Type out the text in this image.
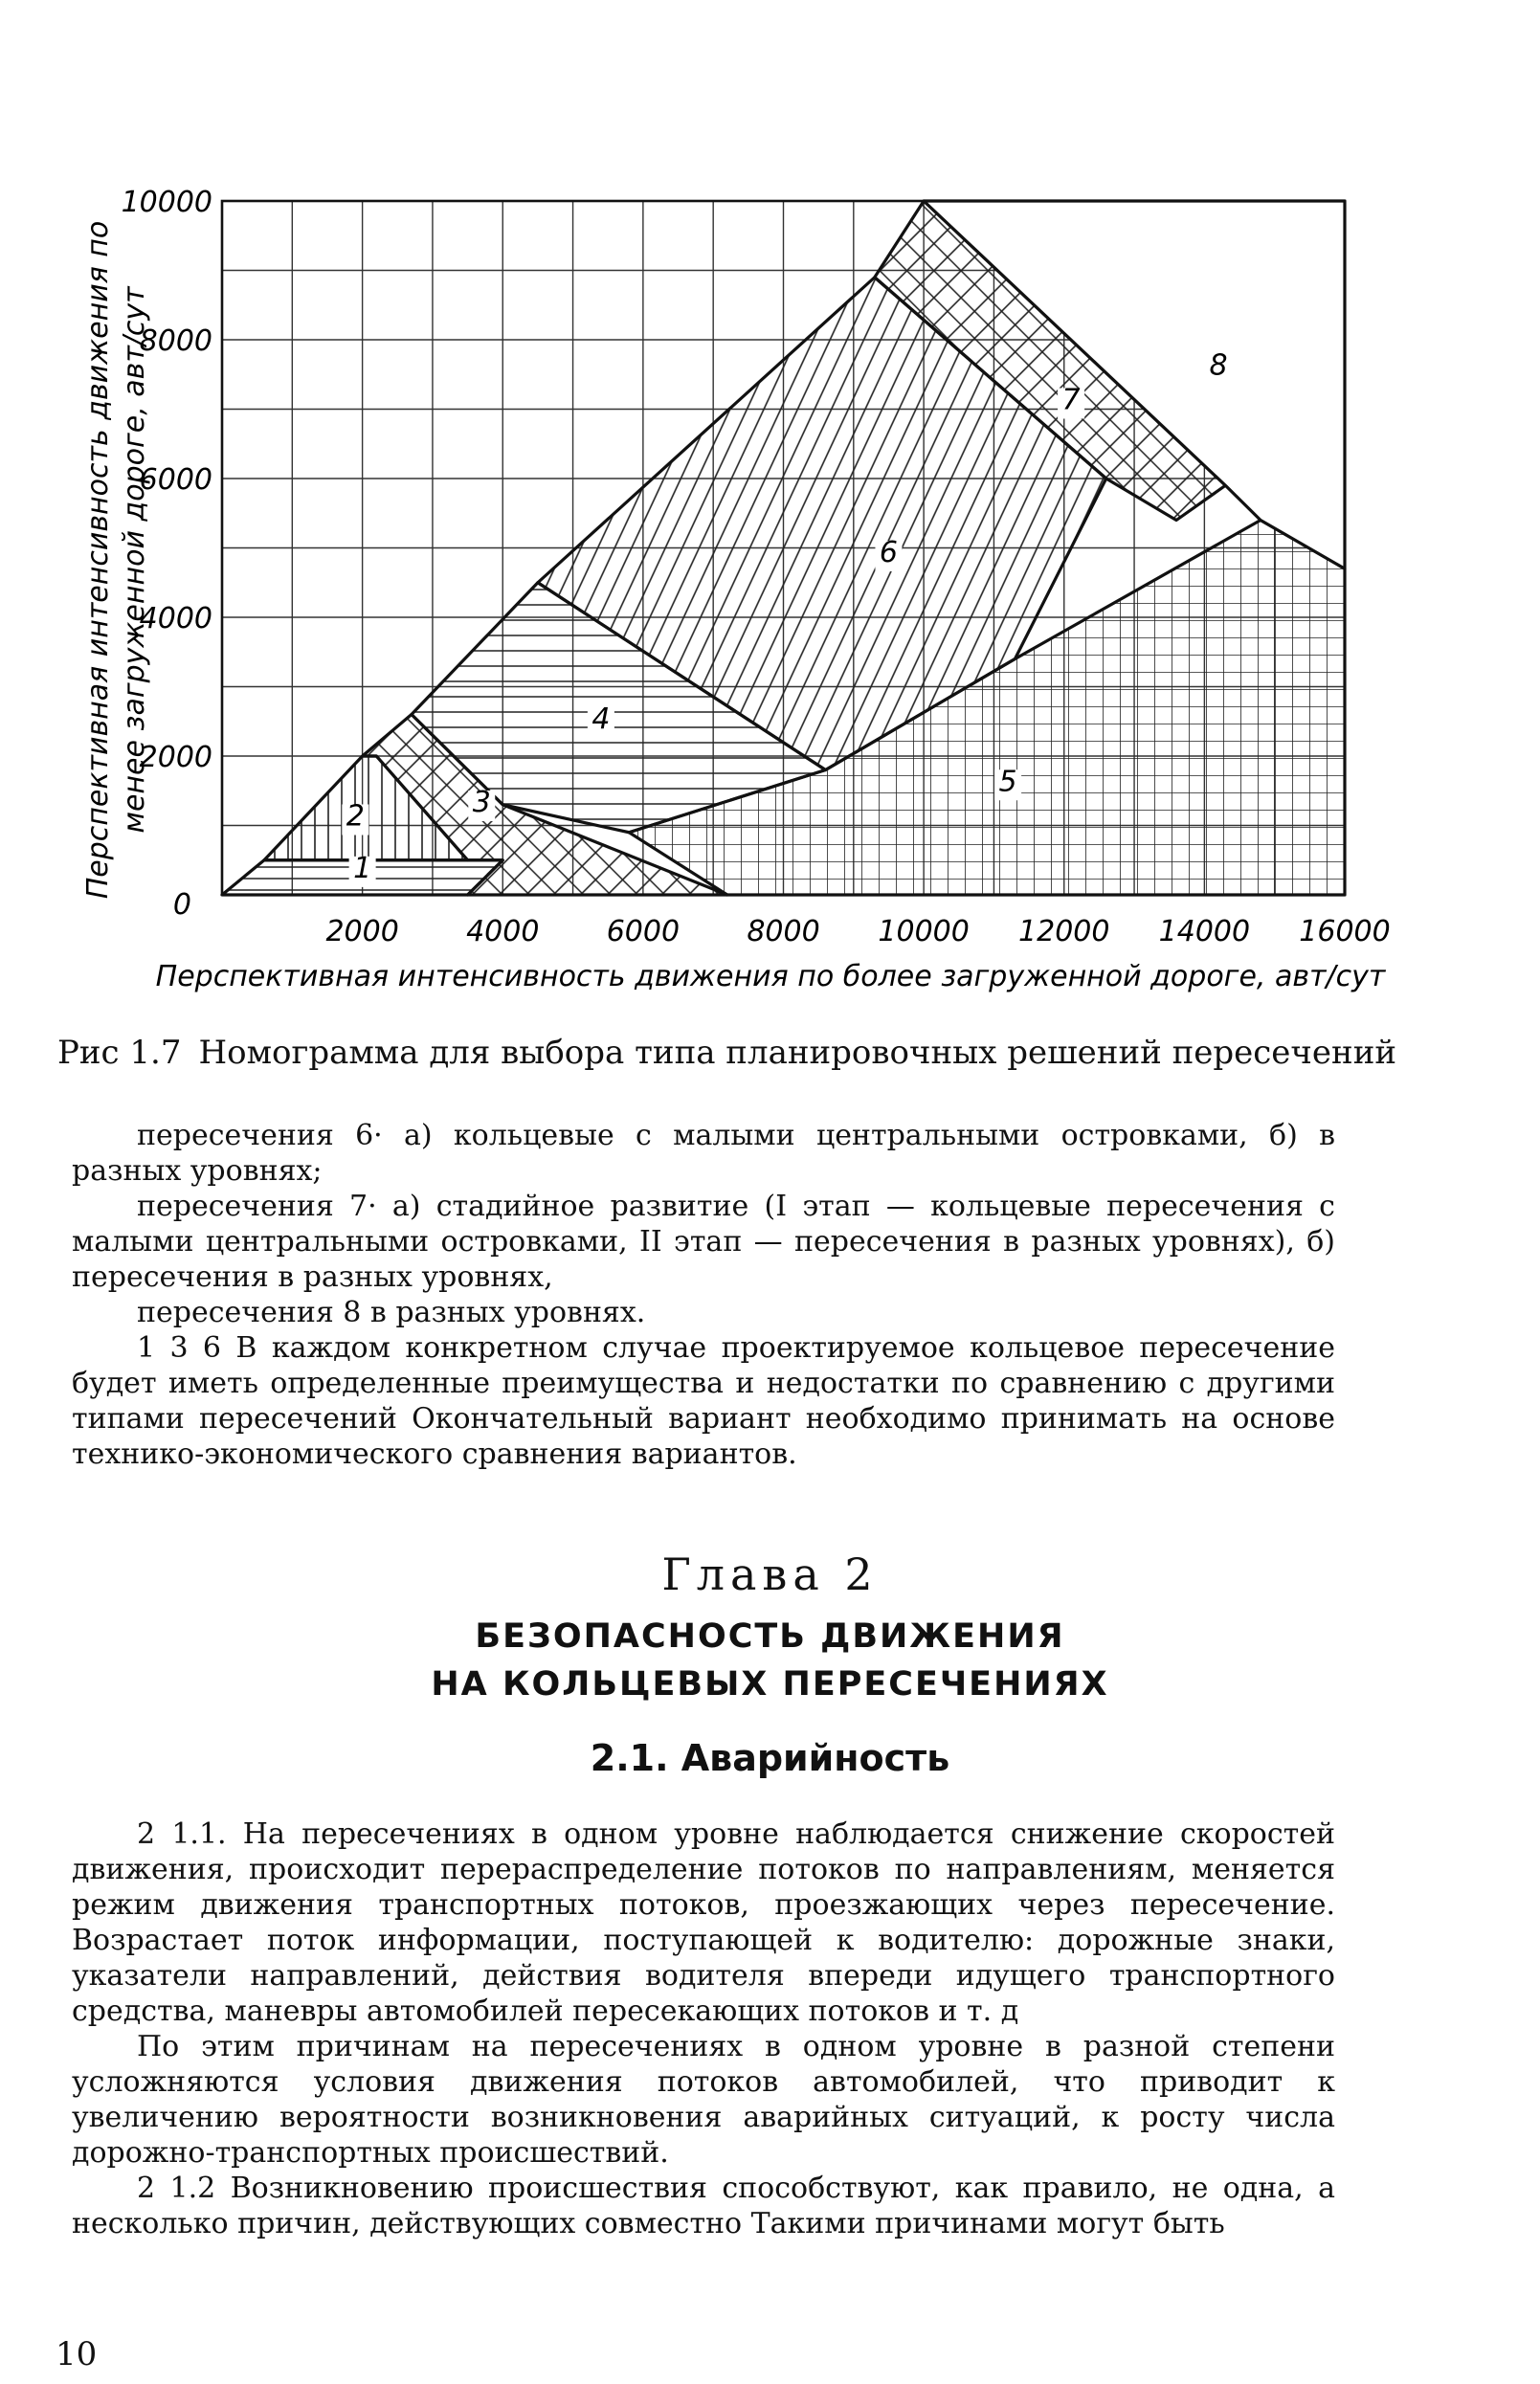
1
2	3
4
5
6
7
8
10000
8000
6000
4000
2000
0
2000 4000 6000 8000 10000 12000 14000 16000
Перспективная интенсивность движения по более загруженной дороге, авт/сут
Перспективная интенсивность движения по менее загруженной дороге, авт/сут
Рис 1.7 Номограмма для выбора типа планировочных решений пересечений

пересечения 6· а) кольцевые с малыми центральными островками, б) в разных уровнях;

пересечения 7· а) стадийное развитие (I этап — кольцевые пересечения с малыми центральными островками, II этап — пересечения в разных уровнях), б) пересечения в разных уровнях,

пересечения 8 в разных уровнях.

1 3 6 В каждом конкретном случае проектируемое кольцевое пересечение будет иметь определенные преимущества и недостатки по сравнению с другими типами пересечений Окончательный вариант необходимо принимать на основе технико-экономического сравнения вариантов.

Глава 2
БЕЗОПАСНОСТЬ ДВИЖЕНИЯ
НА КОЛЬЦЕВЫХ ПЕРЕСЕЧЕНИЯХ
2.1. Аварийность

2 1.1. На пересечениях в одном уровне наблюдается снижение скоростей движения, происходит перераспределение потоков по направлениям, меняется режим движения транспортных потоков, проезжающих через пересечение. Возрастает поток информации, поступающей к водителю: дорожные знаки, указатели направлений, действия водителя впереди идущего транспортного средства, маневры автомобилей пересекающих потоков и т. д

По этим причинам на пересечениях в одном уровне в разной степени усложняются условия движения потоков автомобилей, что приводит к увеличению вероятности возникновения аварийных ситуаций, к росту числа дорожно-транспортных происшествий.

2 1.2 Возникновению происшествия способствуют, как правило, не одна, а несколько причин, действующих совместно Такими причинами могут быть

10
